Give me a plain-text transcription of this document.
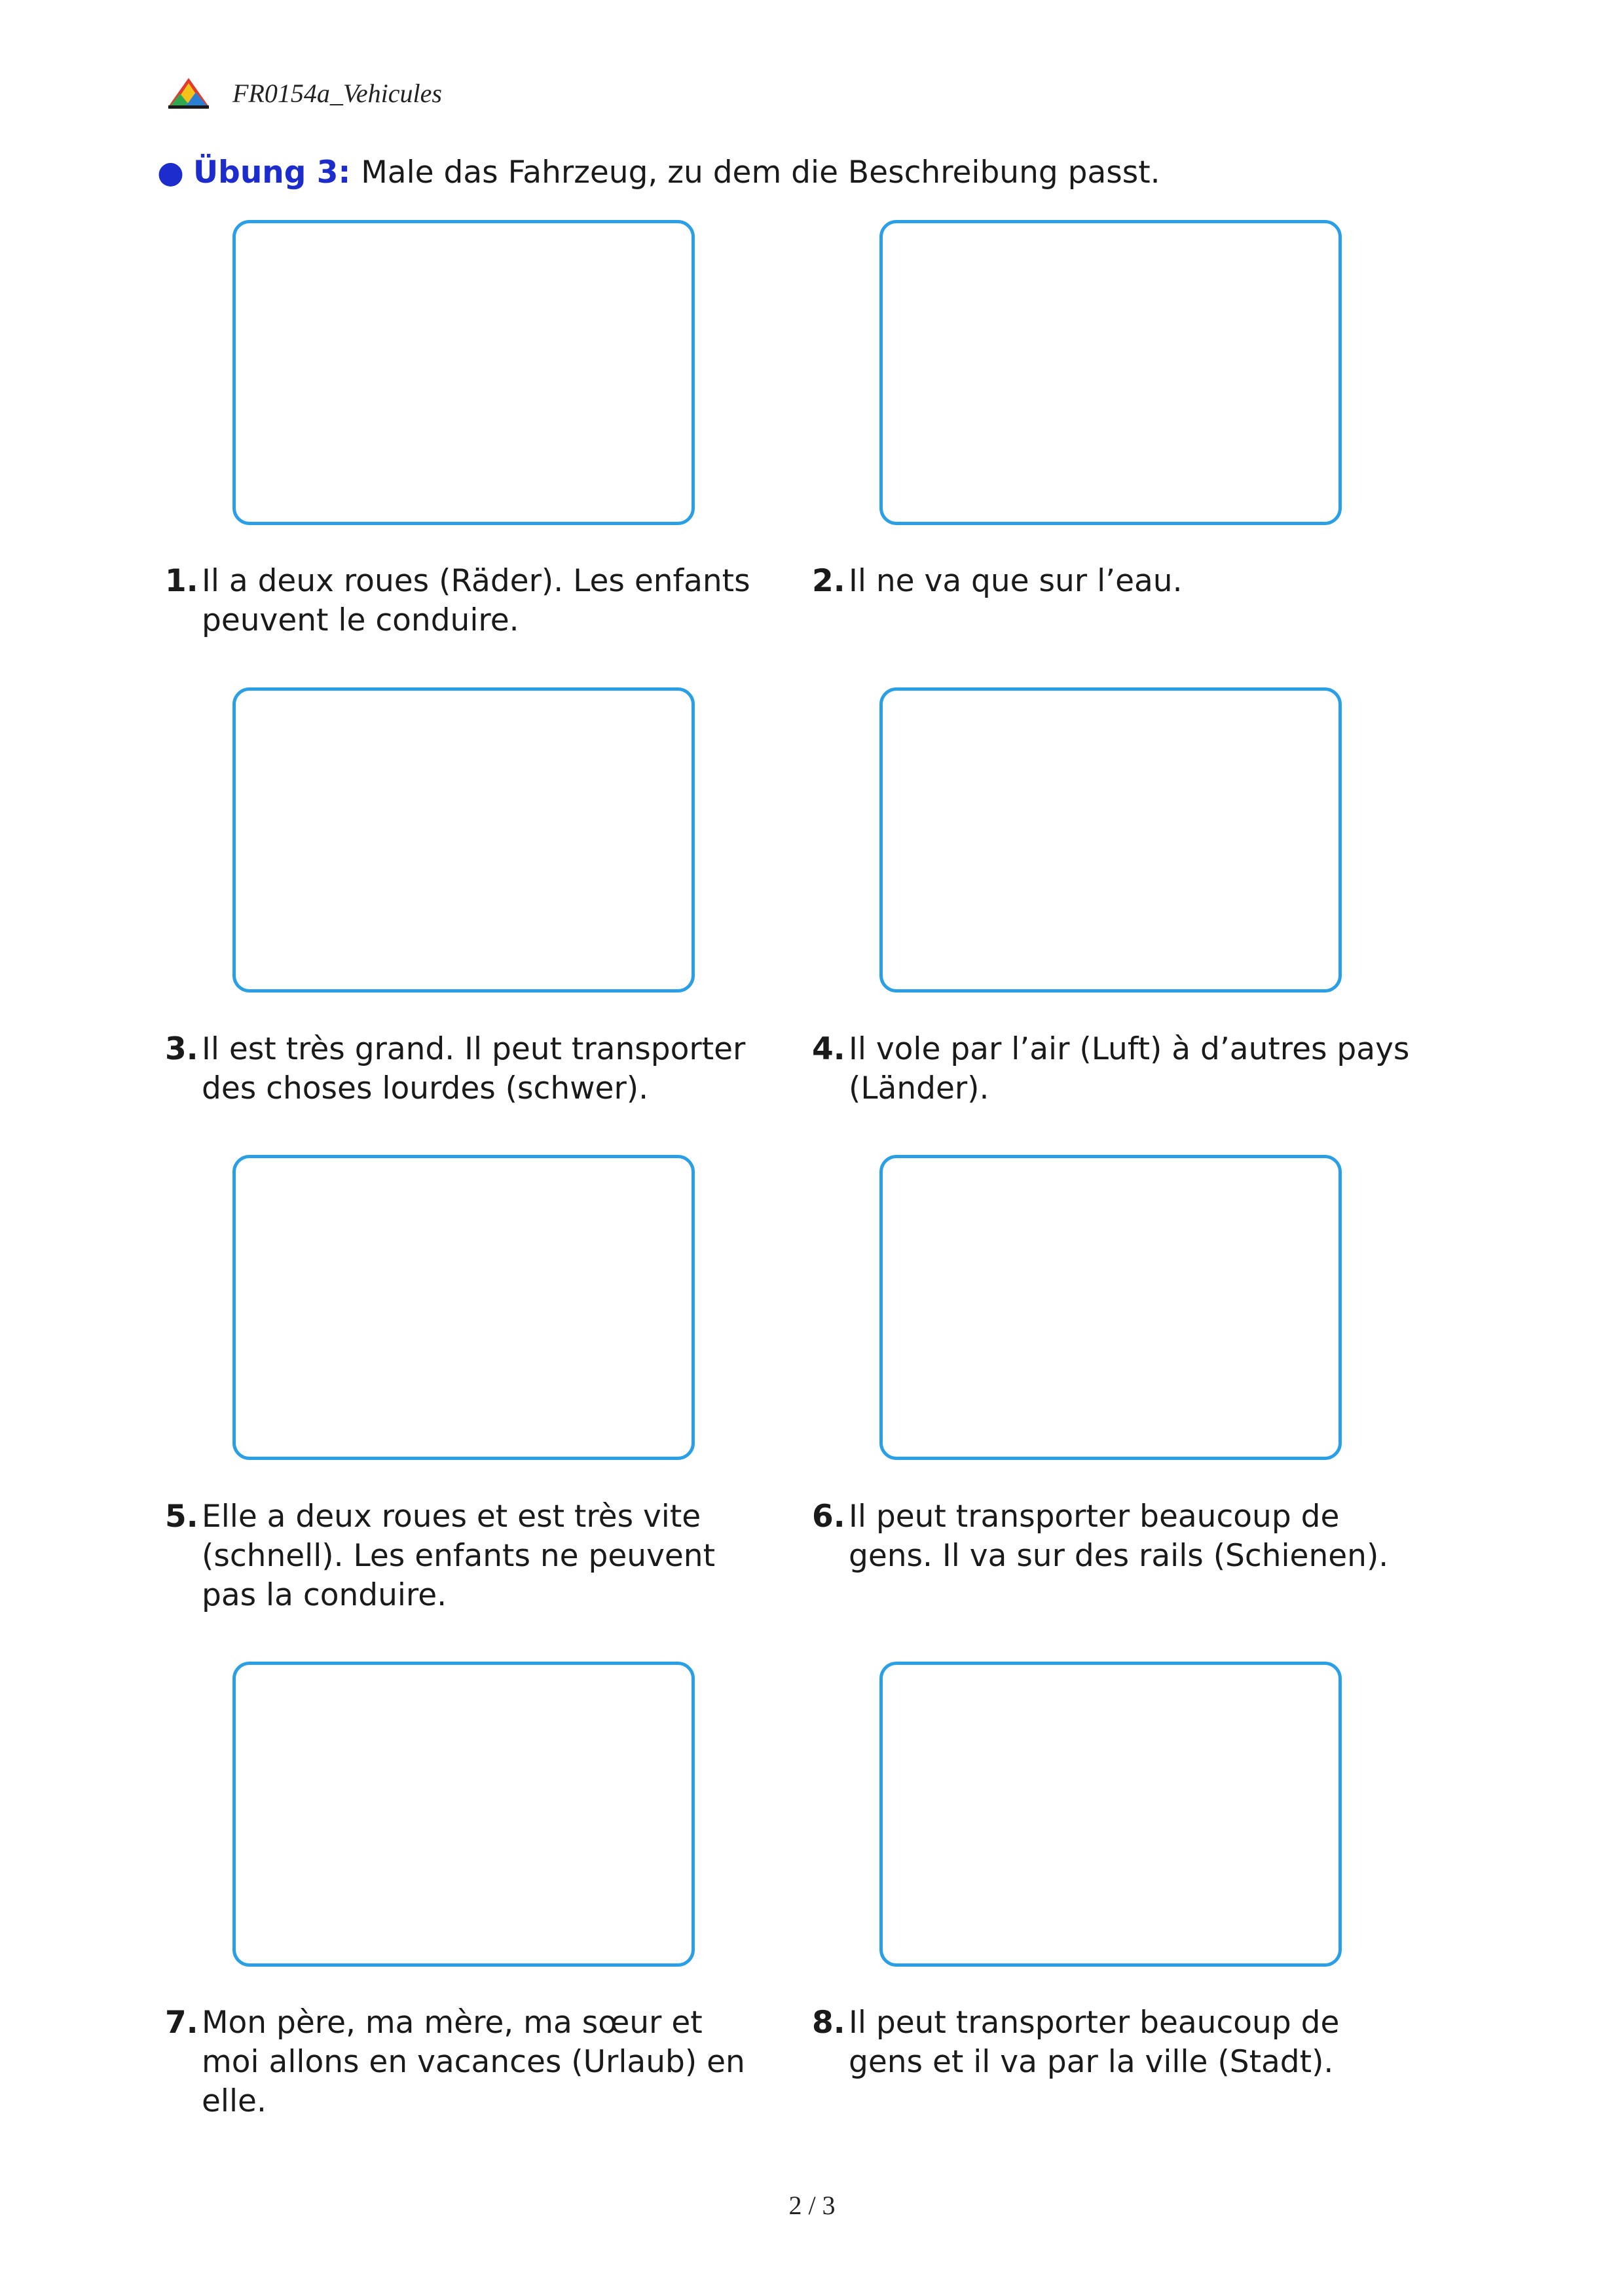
FR0154a_Vehicules
● Übung 3: Male das Fahrzeug, zu dem die Beschreibung passt.
1. Il a deux roues (Räder). Les enfants peuvent le conduire.
2. Il ne va que sur l’eau.
3. Il est très grand. Il peut transporter des choses lourdes (schwer).
4. Il vole par l’air (Luft) à d’autres pays (Länder).
5. Elle a deux roues et est très vite (schnell). Les enfants ne peuvent pas la conduire.
6. Il peut transporter beaucoup de gens. Il va sur des rails (Schienen).
7. Mon père, ma mère, ma sœur et moi allons en vacances (Urlaub) en elle.
8. Il peut transporter beaucoup de gens et il va par la ville (Stadt).
2 / 3
